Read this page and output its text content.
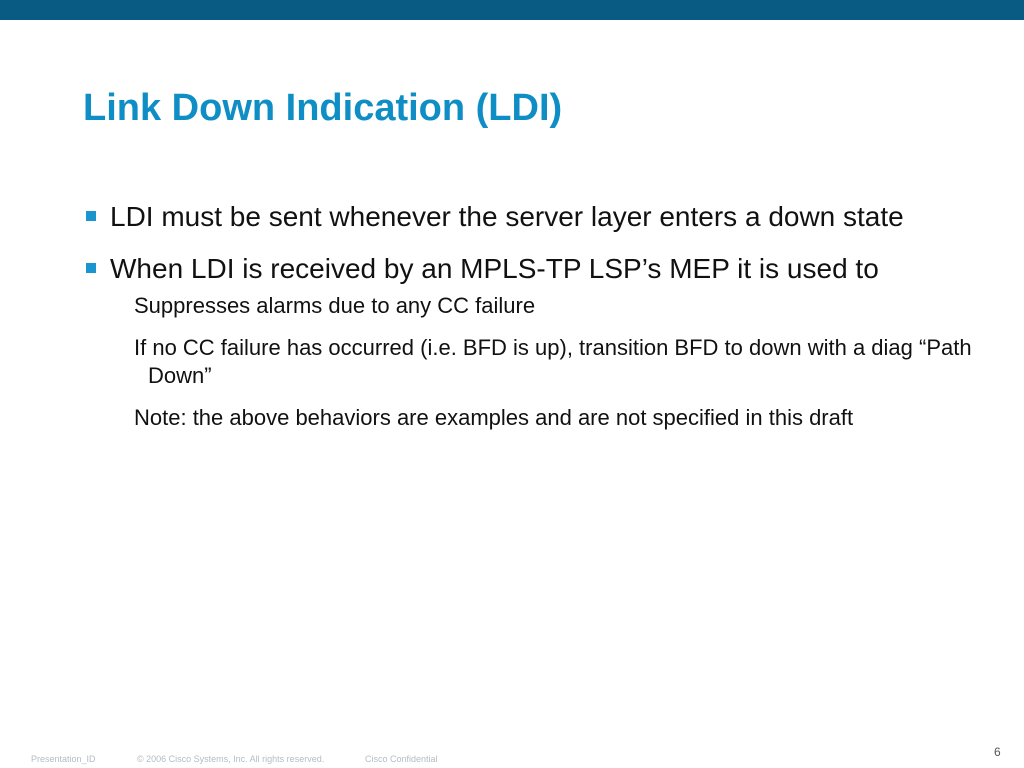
Link Down Indication (LDI)
LDI must be sent whenever the server layer enters a down state
When LDI is received by an MPLS-TP LSP’s MEP it is used to
Suppresses alarms due to any CC failure
If no CC failure has occurred (i.e. BFD is up), transition BFD to down with a diag “Path Down”
Note: the above behaviors are examples and are not specified in this draft
Presentation_ID	© 2006 Cisco Systems, Inc. All rights reserved.	Cisco Confidential	6
